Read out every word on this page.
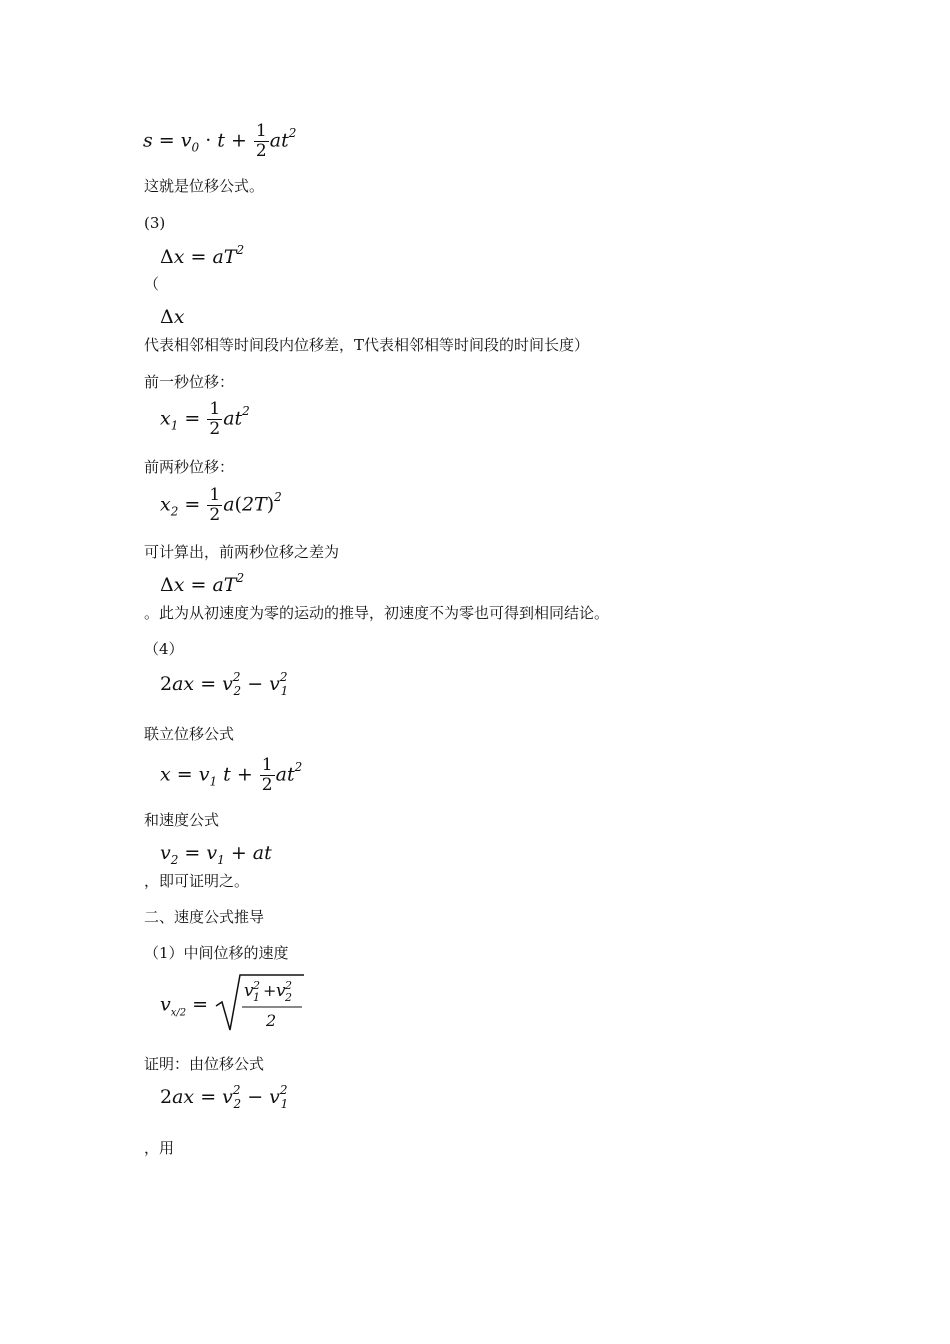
$s = v_0 \cdot t + \frac{1}{2} at^2$
这就是位移公式。
(3)
$\Delta x = aT^2$
（
Δx
代表相邻相等时间段内位移差，T代表相邻相等时间段的时间长度）
前一秒位移：
$x_1 = \frac{1}{2} at^2$
前两秒位移：
$x_2 = \frac{1}{2} a(2T)^2$
可计算出，前两秒位移之差为
$\Delta x = aT^2$
。此为从初速度为零的运动的推导，初速度不为零也可得到相同结论。
（4）
$2ax = v^2_2 - v^2_1$
联立位移公式
$x = v_1$ $t + \frac{1}{2} at^2$
和速度公式
$v_2 = v_1$ + at
，即可证明之。
二、速度公式推导
（1）中间位移的速度
$v_{x/2}$ =
v 2
1 + v 2
2
2
证明：由位移公式
$2ax = v^2_2 - v^2_1$
，用
